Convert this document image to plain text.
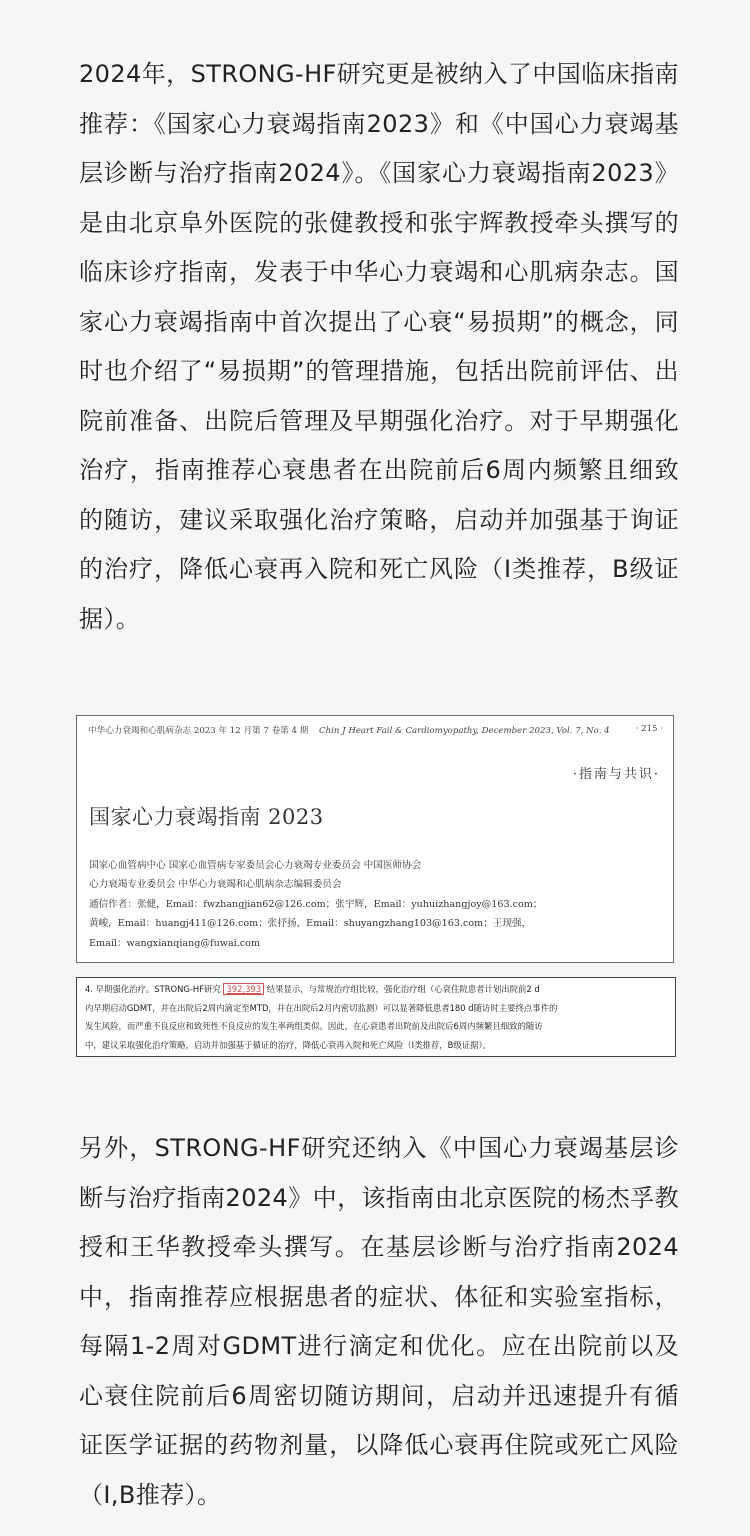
2024年，STRONG-HF研究更是被纳入了中国临床指南推荐：《国家心力衰竭指南2023》和《中国心力衰竭基层诊断与治疗指南2024》。《国家心力衰竭指南2023》是由北京阜外医院的张健教授和张宇辉教授牵头撰写的临床诊疗指南，发表于中华心力衰竭和心肌病杂志。国家心力衰竭指南中首次提出了心衰“易损期”的概念，同时也介绍了“易损期”的管理措施，包括出院前评估、出院前准备、出院后管理及早期强化治疗。对于早期强化治疗，指南推荐心衰患者在出院前后6周内频繁且细致的随访，建议采取强化治疗策略，启动并加强基于询证的治疗，降低心衰再入院和死亡风险（I类推荐，B级证据）。

中华心力衰竭和心肌病杂志 2023 年 12 月第 7 卷第 4 期 Chin J Heart Fail & Cardiomyopathy, December 2023, Vol. 7, No. 4	· 215 ·
·指南与共识·
国家心力衰竭指南 2023
国家心血管病中心 国家心血管病专家委员会心力衰竭专业委员会 中国医师协会
心力衰竭专业委员会 中华心力衰竭和心肌病杂志编辑委员会
通信作者：张健，Email：fwzhangjian62@126.com；张宇辉，Email：yuhuizhangjoy@163.com；
黄峻，Email：huangj411@126.com；张抒扬，Email：shuyangzhang103@163.com；王现强，
Email：wangxianqiang@fuwai.com
4. 早期强化治疗。STRONG-HF研究 392,393 结果显示，与常规治疗组比较，强化治疗组（心衰住院患者计划出院前2 d
内早期启动GDMT，并在出院后2周内滴定至MTD，并在出院后2月内密切监测）可以显著降低患者180 d随访时主要终点事件的
发生风险，而严重不良反应和致死性不良反应的发生率两组类似。因此，在心衰患者出院前及出院后6周内频繁且细致的随访
中，建议采取强化治疗策略，启动并加强基于循证的治疗，降低心衰再入院和死亡风险（Ⅰ类推荐，B级证据）。

另外，STRONG-HF研究还纳入《中国心力衰竭基层诊断与治疗指南2024》中，该指南由北京医院的杨杰孚教授和王华教授牵头撰写。在基层诊断与治疗指南2024中，指南推荐应根据患者的症状、体征和实验室指标，每隔1-2周对GDMT进行滴定和优化。应在出院前以及心衰住院前后6周密切随访期间，启动并迅速提升有循证医学证据的药物剂量，以降低心衰再住院或死亡风险（I,B推荐）。
